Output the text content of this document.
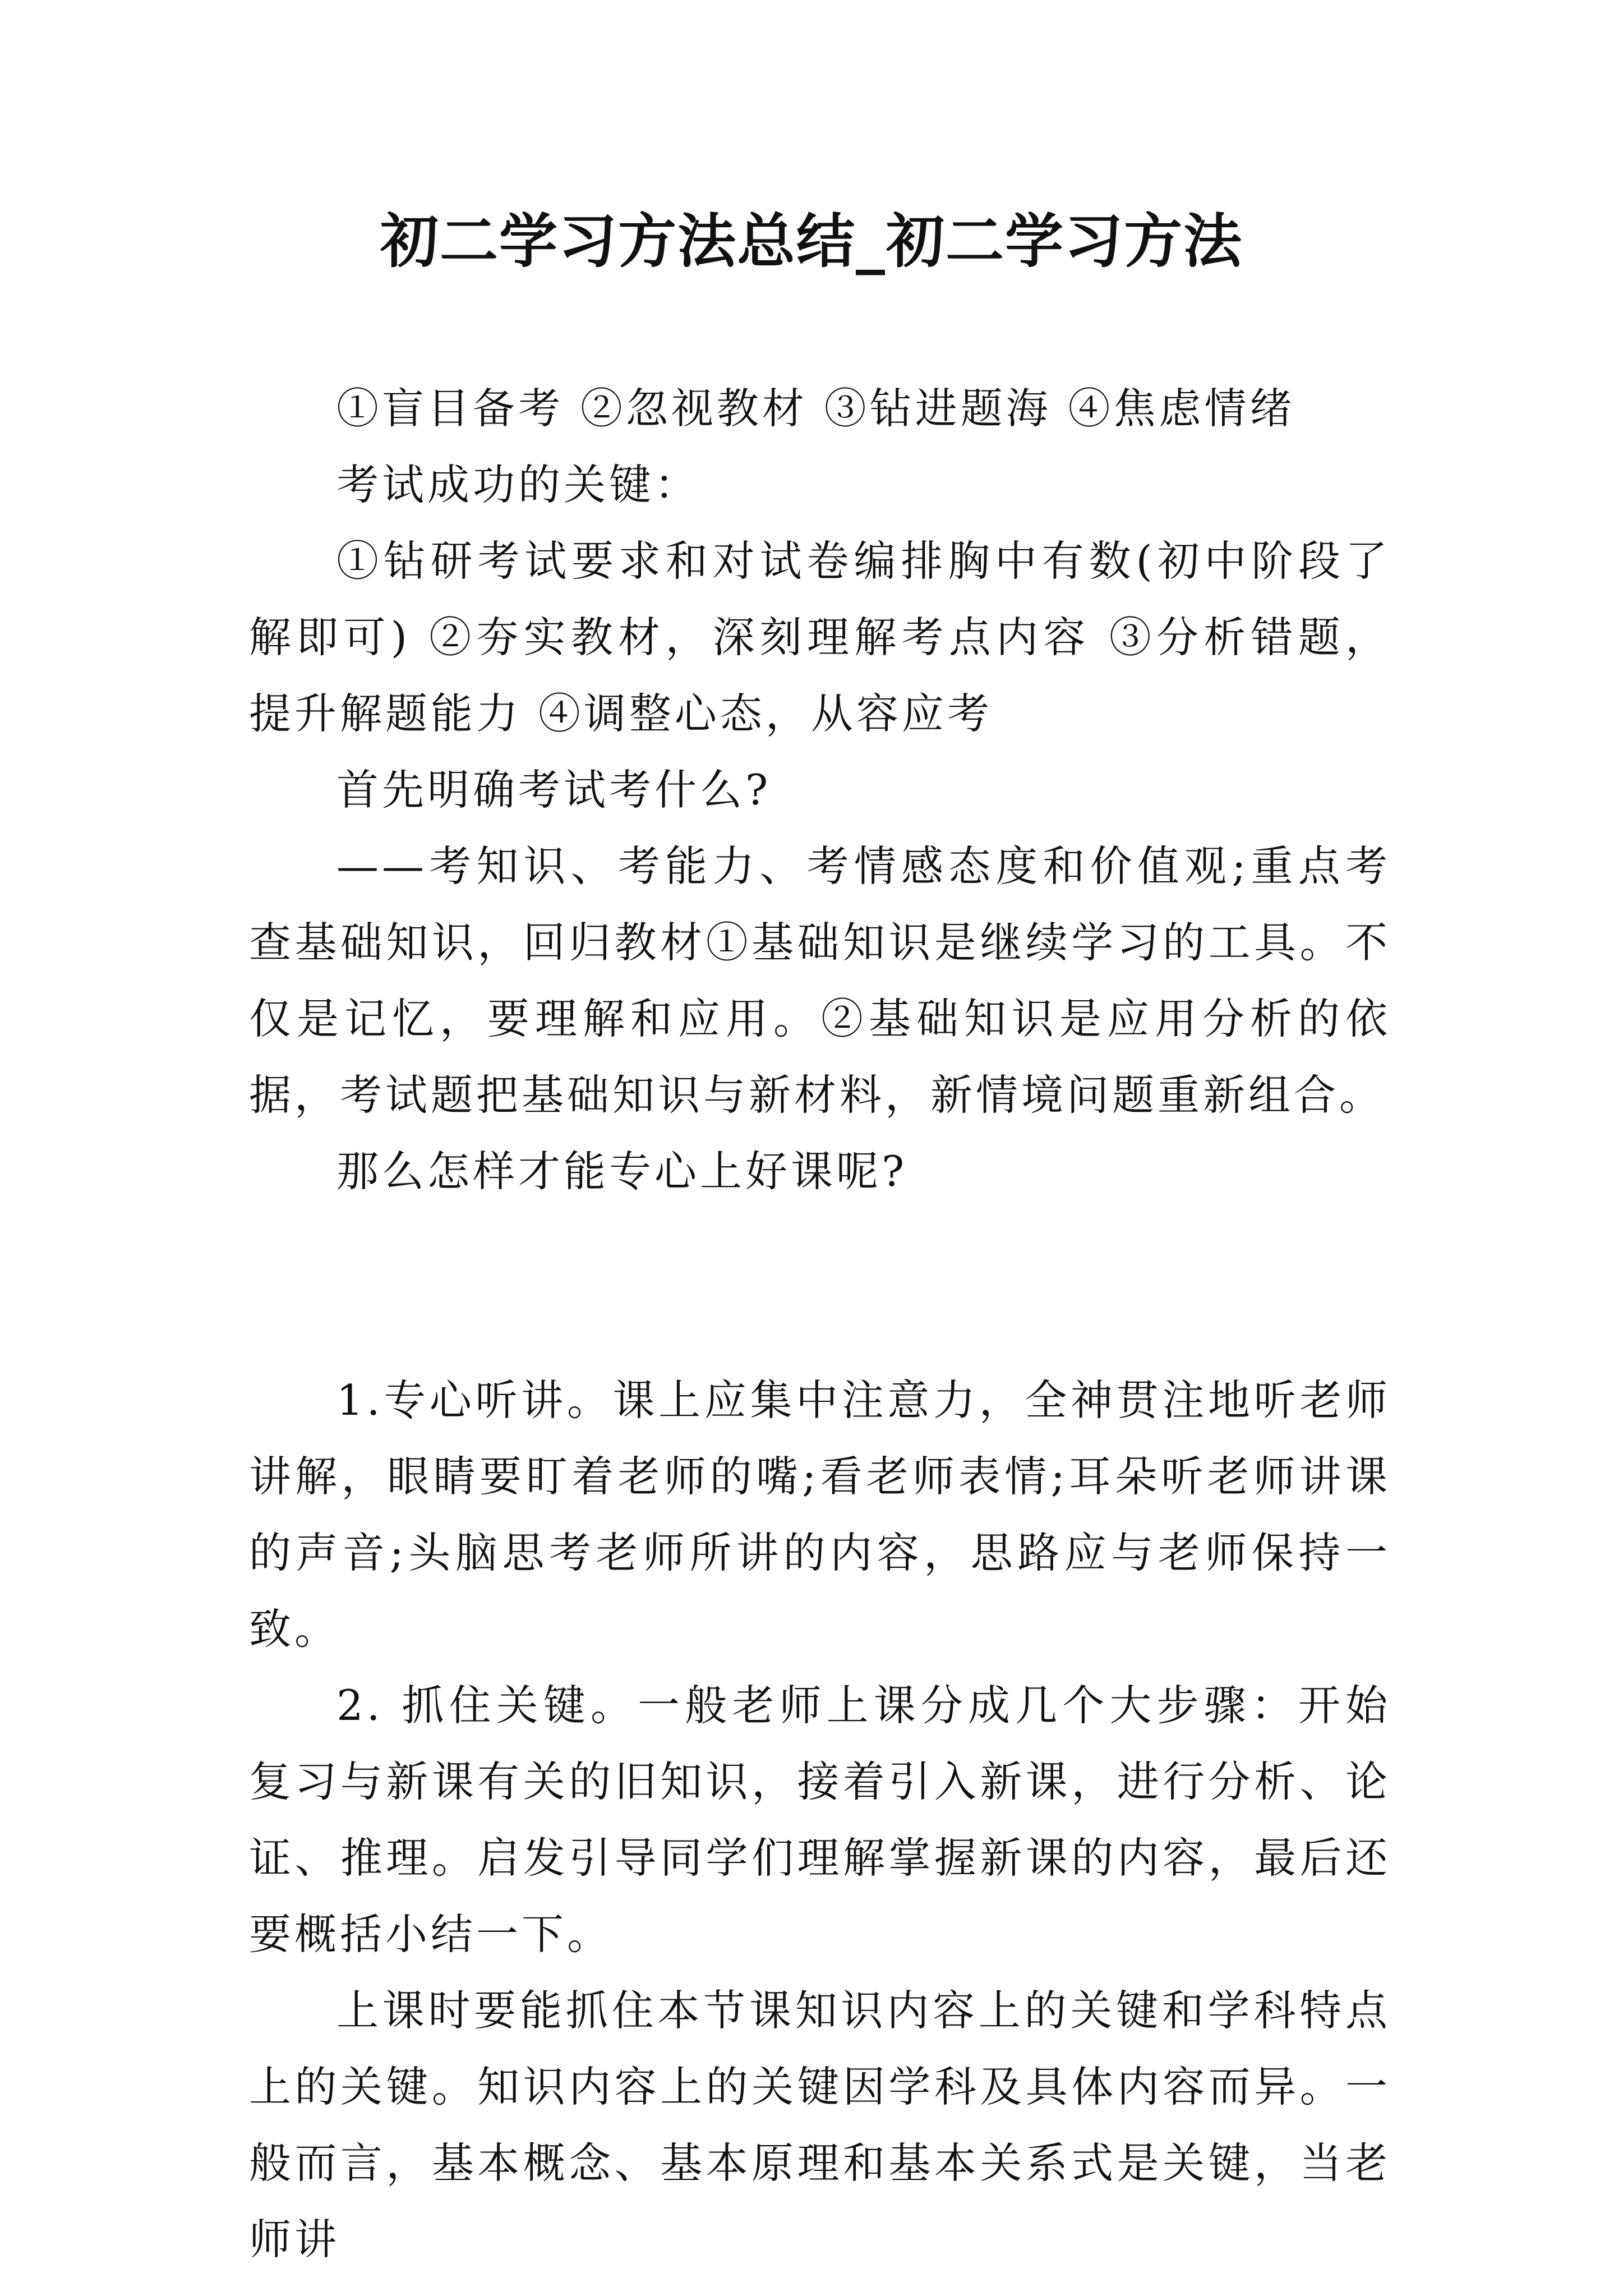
初二学习方法总结_初二学习方法

①盲目备考 ②忽视教材 ③钻进题海 ④焦虑情绪

考试成功的关键：

①钻研考试要求和对试卷编排胸中有数(初中阶段了解即可) ②夯实教材，深刻理解考点内容 ③分析错题，提升解题能力 ④调整心态，从容应考

首先明确考试考什么?

——考知识、考能力、考情感态度和价值观;重点考查基础知识，回归教材①基础知识是继续学习的工具。不仅是记忆，要理解和应用。②基础知识是应用分析的依据，考试题把基础知识与新材料，新情境问题重新组合。

那么怎样才能专心上好课呢?

1.专心听讲。课上应集中注意力，全神贯注地听老师讲解，眼睛要盯着老师的嘴;看老师表情;耳朵听老师讲课的声音;头脑思考老师所讲的内容，思路应与老师保持一致。

2. 抓住关键。一般老师上课分成几个大步骤：开始复习与新课有关的旧知识，接着引入新课，进行分析、论证、推理。启发引导同学们理解掌握新课的内容，最后还要概括小结一下。

上课时要能抓住本节课知识内容上的关键和学科特点上的关键。知识内容上的关键因学科及具体内容而异。一般而言，基本概念、基本原理和基本关系式是关键，当老师讲
